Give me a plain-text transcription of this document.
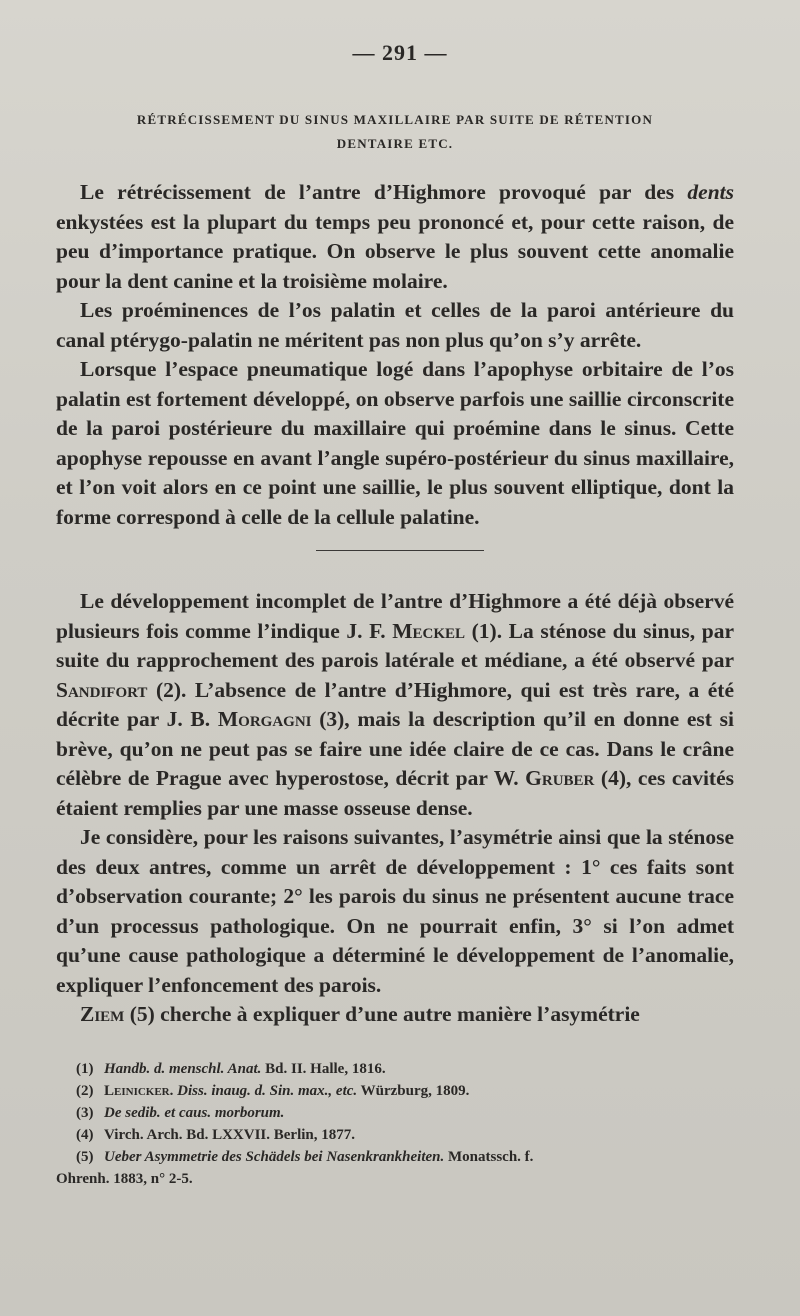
— 291 —
RÉTRÉCISSEMENT DU SINUS MAXILLAIRE PAR SUITE DE RÉTENTION
DENTAIRE ETC.

Le rétrécissement de l’antre d’Highmore provoqué par des dents enkystées est la plupart du temps peu prononcé et, pour cette raison, de peu d’importance pratique. On observe le plus souvent cette anomalie pour la dent canine et la troisième molaire.

Les proéminences de l’os palatin et celles de la paroi antérieure du canal ptérygo-palatin ne méritent pas non plus qu’on s’y arrête.

Lorsque l’espace pneumatique logé dans l’apophyse orbitaire de l’os palatin est fortement développé, on observe parfois une saillie circonscrite de la paroi postérieure du maxillaire qui proémine dans le sinus. Cette apophyse repousse en avant l’angle supéro-postérieur du sinus maxillaire, et l’on voit alors en ce point une saillie, le plus souvent elliptique, dont la forme correspond à celle de la cellule palatine.

Le développement incomplet de l’antre d’Highmore a été déjà observé plusieurs fois comme l’indique J. F. Meckel (1). La sténose du sinus, par suite du rapprochement des parois latérale et médiane, a été observé par Sandifort (2). L’absence de l’antre d’Highmore, qui est très rare, a été décrite par J. B. Morgagni (3), mais la description qu’il en donne est si brève, qu’on ne peut pas se faire une idée claire de ce cas. Dans le crâne célèbre de Prague avec hyperostose, décrit par W. Gruber (4), ces cavités étaient remplies par une masse osseuse dense.

Je considère, pour les raisons suivantes, l’asymétrie ainsi que la sténose des deux antres, comme un arrêt de développement : 1° ces faits sont d’observation courante; 2° les parois du sinus ne présentent aucune trace d’un processus pathologique. On ne pourrait enfin, 3° si l’on admet qu’une cause pathologique a déterminé le développement de l’anomalie, expliquer l’enfoncement des parois.

Ziem (5) cherche à expliquer d’une autre manière l’asymétrie

(1) Handb. d. menschl. Anat. Bd. II. Halle, 1816.

(2) Leinicker. Diss. inaug. d. Sin. max., etc. Würzburg, 1809.

(3) De sedib. et caus. morborum.

(4) Virch. Arch. Bd. LXXVII. Berlin, 1877.

(5) Ueber Asymmetrie des Schädels bei Nasenkrankheiten. Monatssch. f.

Ohrenh. 1883, n° 2-5.
